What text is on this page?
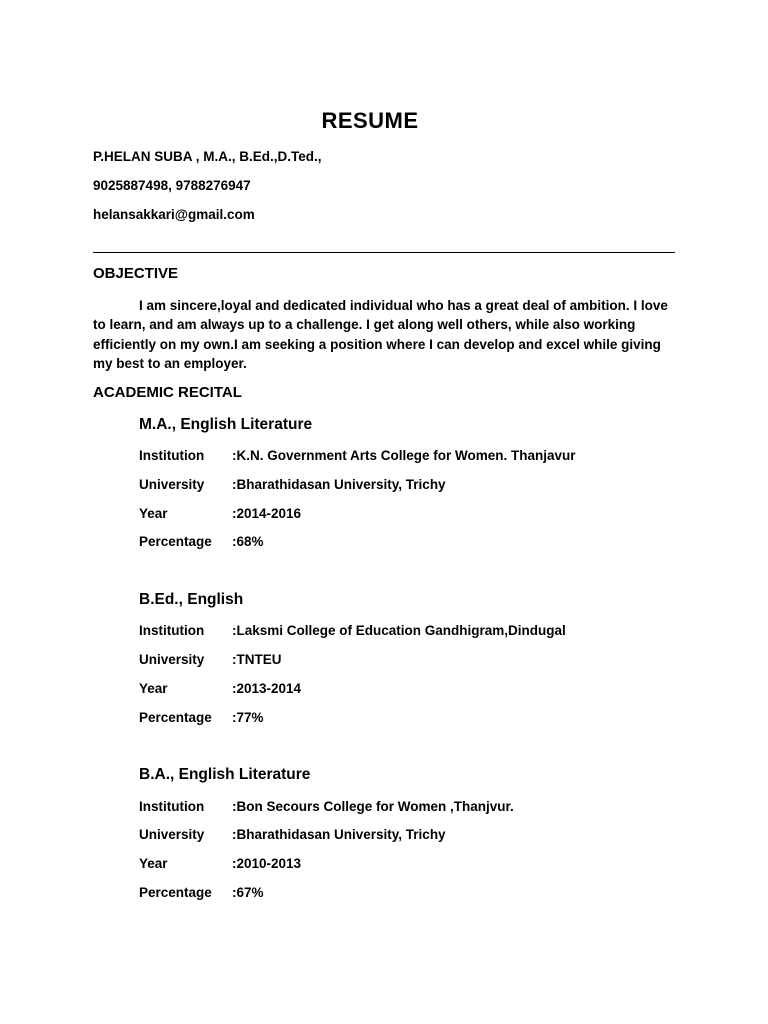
RESUME
P.HELAN SUBA , M.A., B.Ed.,D.Ted.,
9025887498, 9788276947
helansakkari@gmail.com
OBJECTIVE
I am sincere,loyal and dedicated individual who has a great deal of ambition. I love to learn, and am always up to a challenge. I get along well others, while also working efficiently on my own.I am seeking a position where I can develop and excel while giving my best to an employer.
ACADEMIC RECITAL
M.A., English Literature
Institution :K.N. Government Arts College for Women. Thanjavur
University :Bharathidasan University, Trichy
Year	:2014-2016
Percentage :68%
B.Ed., English
Institution :Laksmi College of Education Gandhigram,Dindugal
University :TNTEU
Year	:2013-2014
Percentage :77%
B.A., English Literature
Institution :Bon Secours College for Women ,Thanjvur.
University :Bharathidasan University, Trichy
Year	:2010-2013
Percentage :67%
